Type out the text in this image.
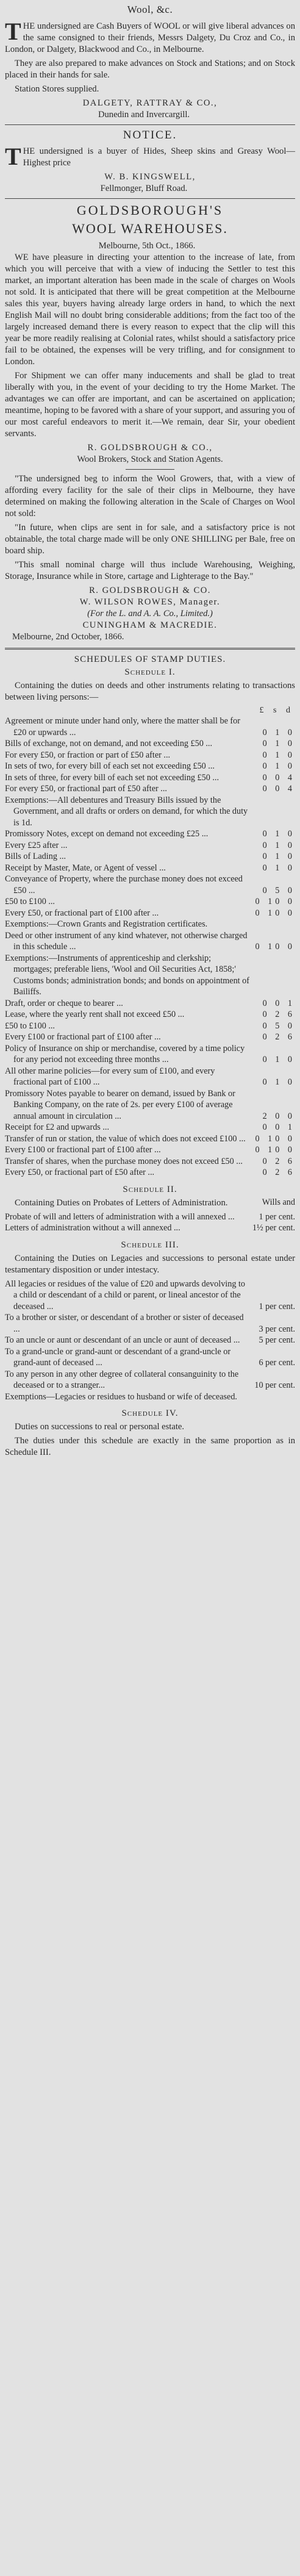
Wool, &c.

THE undersigned are Cash Buyers of WOOL or will give liberal advances on the same consigned to their friends, Messrs Dalgety, Du Croz and Co., in London, or Dalgety, Blackwood and Co., in Melbourne.

They are also prepared to make advances on Stock and Stations; and on Stock placed in their hands for sale.

Station Stores supplied.

DALGETY, RATTRAY & CO.,
Dunedin and Invercargill.
NOTICE.

THE undersigned is a buyer of Hides, Sheep skins and Greasy Wool—Highest price

W. B. KINGSWELL,
Fellmonger, Bluff Road.
GOLDSBOROUGH'S
WOOL WAREHOUSES.
Melbourne, 5th Oct., 1866.

WE have pleasure in directing your attention to the increase of late, from which you will perceive that with a view of inducing the Settler to test this market, an important alteration has been made in the scale of charges on Wools not sold. It is anticipated that there will be great competition at the Melbourne sales this year, buyers having already large orders in hand, to which the next English Mail will no doubt bring considerable additions; from the fact too of the largely increased demand there is every reason to expect that the clip will this year be more readily realising at Colonial rates, whilst should a satisfactory price fail to be obtained, the expenses will be very trifling, and for consignment to London.

For Shipment we can offer many inducements and shall be glad to treat liberally with you, in the event of your deciding to try the Home Market. The advantages we can offer are important, and can be ascertained on application; meantime, hoping to be favored with a share of your support, and assuring you of our most careful endeavors to merit it.—We remain, dear Sir, your obedient servants.

R. GOLDSBROUGH & CO.,
Wool Brokers, Stock and Station Agents.

"The undersigned beg to inform the Wool Growers, that, with a view of affording every facility for the sale of their clips in Melbourne, they have determined on making the following alteration in the Scale of Charges on Wool not sold:

"In future, when clips are sent in for sale, and a satisfactory price is not obtainable, the total charge made will be only ONE SHILLING per Bale, free on board ship.

"This small nominal charge will thus include Warehousing, Weighing, Storage, Insurance while in Store, cartage and Lighterage to the Bay."

R. GOLDSBROUGH & CO.
W. WILSON ROWES, Manager.
(For the L. and A. A. Co., Limited.)
CUNINGHAM & MACREDIE.
Melbourne, 2nd October, 1866.
SCHEDULES OF STAMP DUTIES.
Schedule I.

Containing the duties on deeds and other instruments relating to transactions between living persons:—

£ s d
Agreement or minute under hand only, where the matter shall be for £20 or upwards ...	0 1 0
Bills of exchange, not on demand, and not exceeding £50 ...	0 1 0
For every £50, or fraction or part of £50 after ...	0 1 0
In sets of two, for every bill of each set not exceeding £50 ...	0 1 0
In sets of three, for every bill of each set not exceeding £50 ...	0 0 4
For every £50, or fractional part of £50 after ...	0 0 4
Exemptions:—All debentures and Treasury Bills issued by the Government, and all drafts or orders on demand, for which the duty is 1d.
Promissory Notes, except on demand not exceeding £25 ...	0 1 0
Every £25 after ...	0 1 0
Bills of Lading ...	0 1 0
Receipt by Master, Mate, or Agent of vessel ...	0 1 0
Conveyance of Property, where the purchase money does not exceed £50 ...	0 5 0
£50 to £100 ...	0 10 0
Every £50, or fractional part of £100 after ...	0 10 0
Exemptions:—Crown Grants and Registration certificates.
Deed or other instrument of any kind whatever, not otherwise charged in this schedule ...	0 10 0
Exemptions:—Instruments of apprenticeship and clerkship; mortgages; preferable liens, 'Wool and Oil Securities Act, 1858;' Customs bonds; administration bonds; and bonds on appointment of Bailiffs.
Draft, order or cheque to bearer ...	0 0 1
Lease, where the yearly rent shall not exceed £50 ...	0 2 6
£50 to £100 ...	0 5 0
Every £100 or fractional part of £100 after ...	0 2 6
Policy of Insurance on ship or merchandise, covered by a time policy for any period not exceeding three months ...	0 1 0
All other marine policies—for every sum of £100, and every fractional part of £100 ...	0 1 0
Promissory Notes payable to bearer on demand, issued by Bank or Banking Company, on the rate of 2s. per every £100 of average annual amount in circulation ...	2 0 0
Receipt for £2 and upwards ...	0 0 1
Transfer of run or station, the value of which does not exceed £100 ...	0 10 0
Every £100 or fractional part of £100 after ...	0 10 0
Transfer of shares, when the purchase money does not exceed £50 ...	0 2 6
Every £50, or fractional part of £50 after ...	0 2 6
Schedule II.

Containing Duties on Probates of Letters of Administration.	Wills and
Probate of will and letters of administration with a will annexed ...	1 per cent.
Letters of administration without a will annexed ...	1½ per cent.
Schedule III.

Containing the Duties on Legacies and successions to personal estate under testamentary disposition or under intestacy.

All legacies or residues of the value of £20 and upwards devolving to a child or descendant of a child or parent, or lineal ancestor of the deceased ...	1 per cent.
To a brother or sister, or descendant of a brother or sister of deceased ...	3 per cent.
To an uncle or aunt or descendant of an uncle or aunt of deceased ...	5 per cent.
To a grand-uncle or grand-aunt or descendant of a grand-uncle or grand-aunt of deceased ...	6 per cent.
To any person in any other degree of collateral consanguinity to the deceased or to a stranger...	10 per cent.
Exemptions—Legacies or residues to husband or wife of deceased.
Schedule IV.

Duties on successions to real or personal estate.

The duties under this schedule are exactly in the same proportion as in Schedule III.
